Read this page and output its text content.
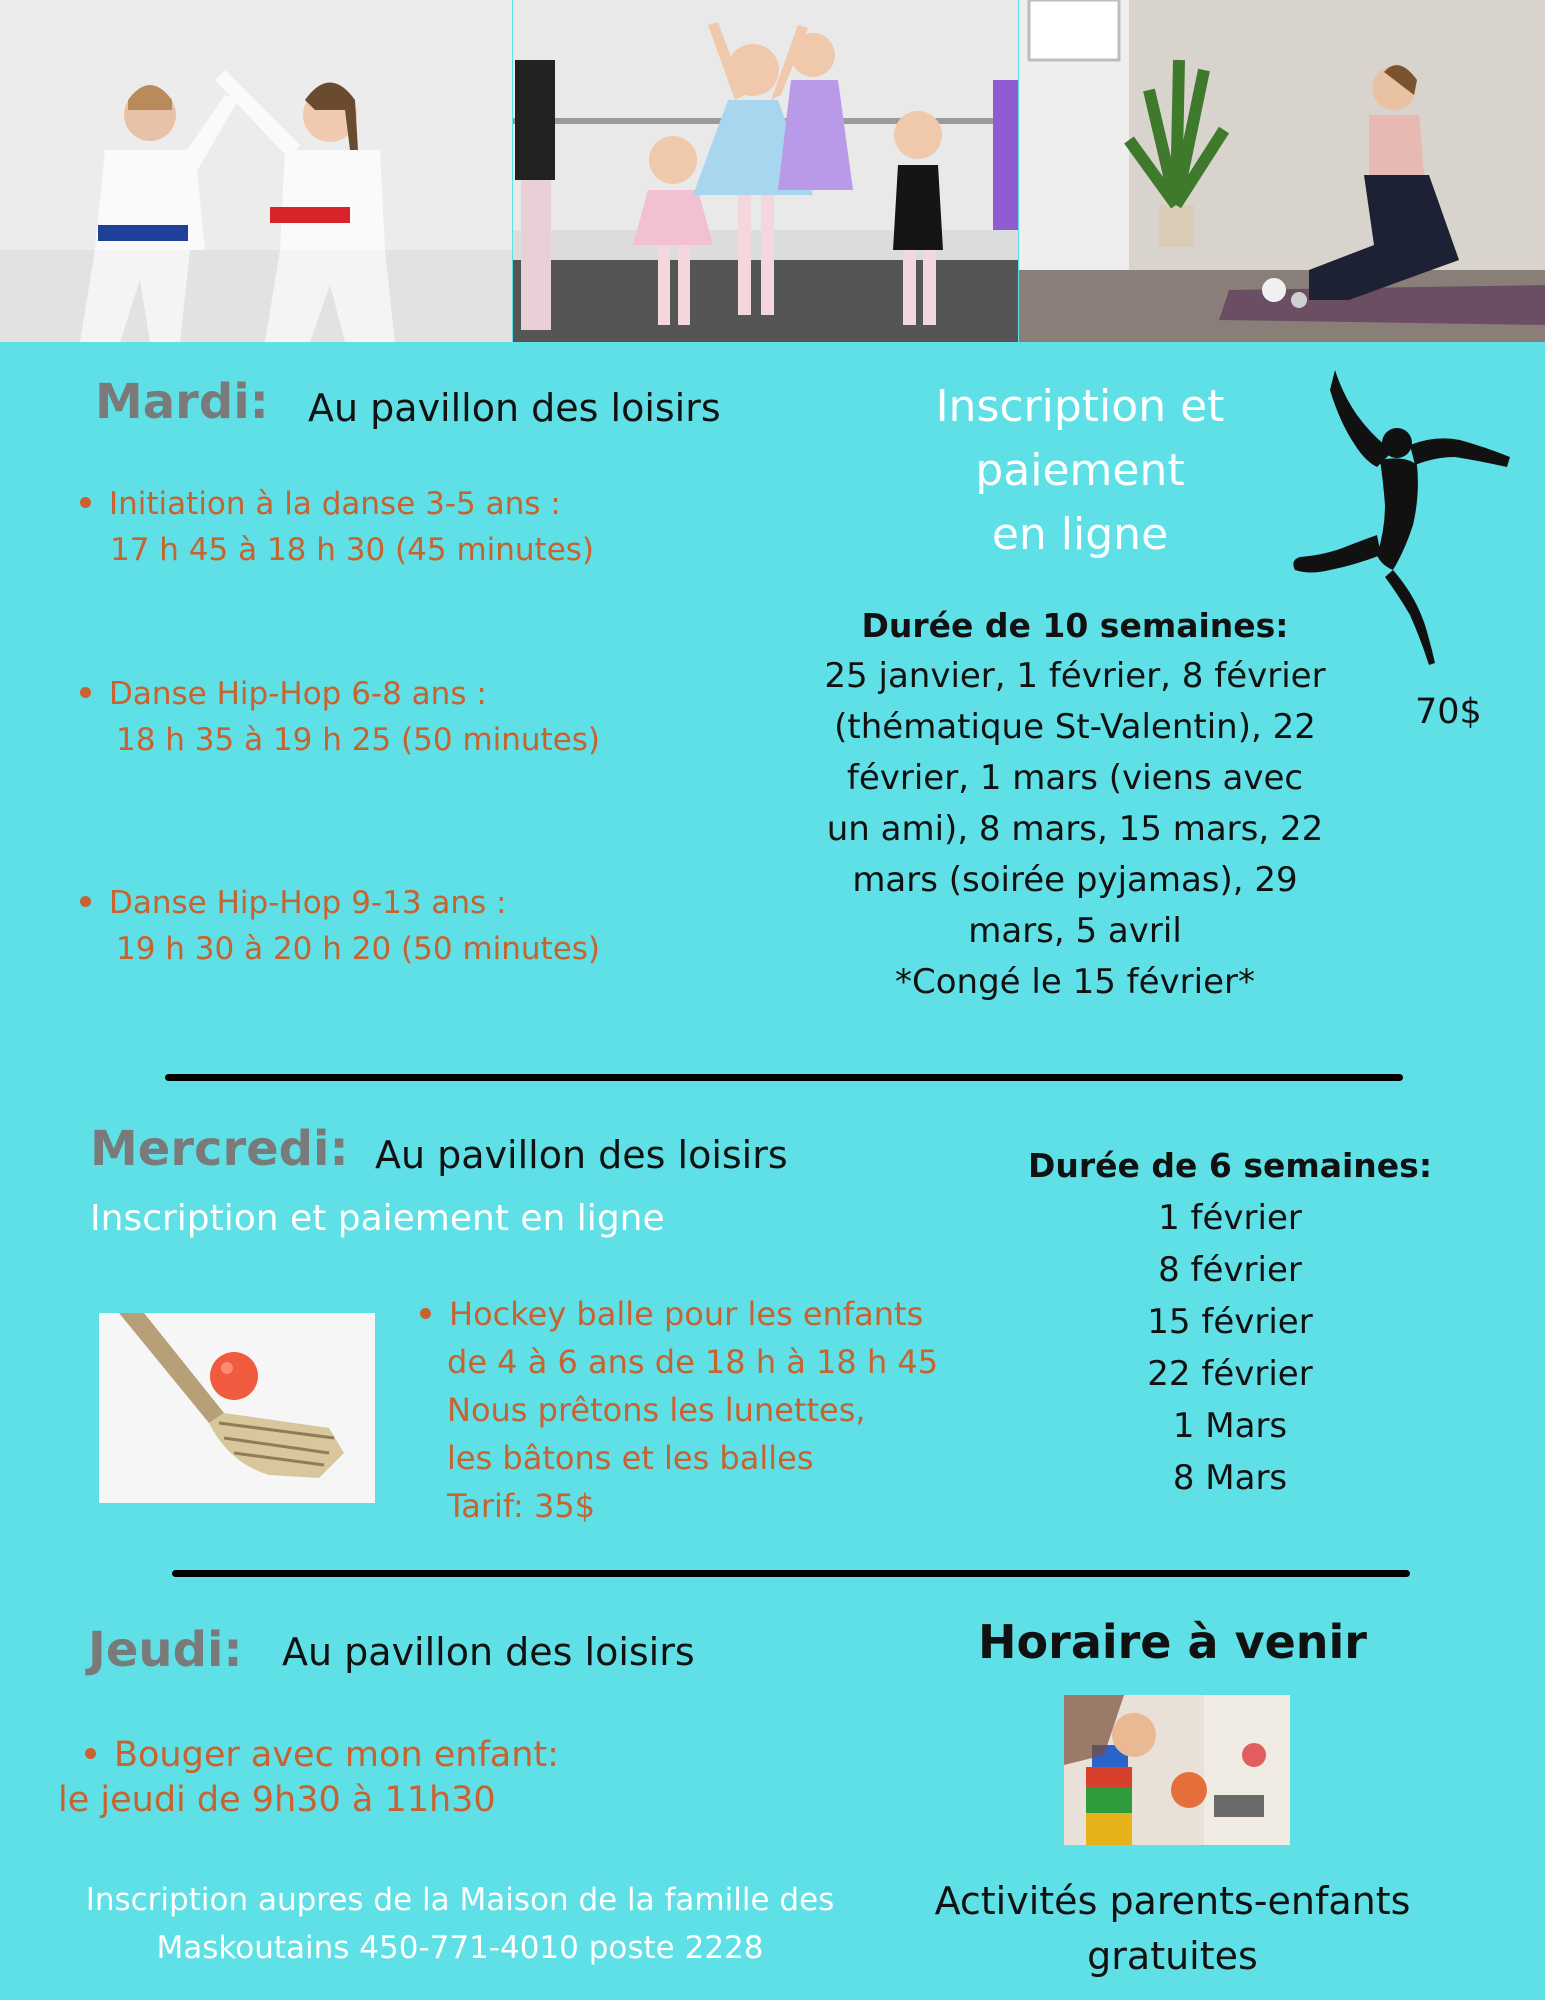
Mardi: Au pavillon des loisirs
Initiation à la danse 3-5 ans :
17 h 45 à 18 h 30 (45 minutes)
Danse Hip-Hop 6-8 ans :
18 h 35 à 19 h 25 (50 minutes)
Danse Hip-Hop 9-13 ans :
19 h 30 à 20 h 20 (50 minutes)
Inscription et
paiement
en ligne
Durée de 10 semaines:
25 janvier, 1 février, 8 février
(thématique St-Valentin), 22
février, 1 mars (viens avec
un ami), 8 mars, 15 mars, 22
mars (soirée pyjamas), 29
mars, 5 avril
*Congé le 15 février*
70$
Mercredi: Au pavillon des loisirs
Inscription et paiement en ligne
Hockey balle pour les enfants
de 4 à 6 ans de 18 h à 18 h 45
Nous prêtons les lunettes,
les bâtons et les balles
Tarif: 35$
Durée de 6 semaines:
1 février
8 février
15 février
22 février
1 Mars
8 Mars
Jeudi: Au pavillon des loisirs
Bouger avec mon enfant:
le jeudi de 9h30 à 11h30
Inscription aupres de la Maison de la famille des
Maskoutains 450-771-4010 poste 2228
Horaire à venir
Activités parents-enfants
gratuites
